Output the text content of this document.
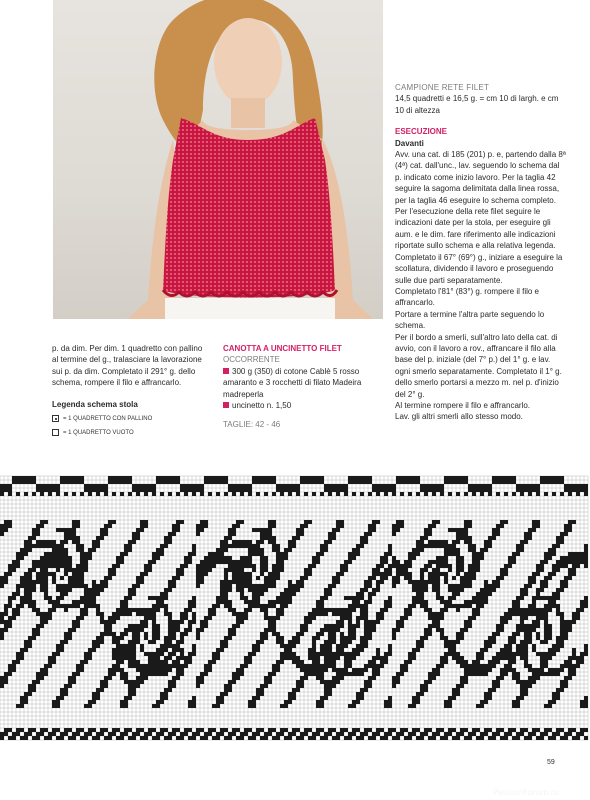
CAMPIONE RETE FILET

14,5 quadretti e 16,5 g. = cm 10 di largh. e cm 10 di altezza

ESECUZIONE
Davanti

Avv. una cat. di 185 (201) p. e, partendo dalla 8ª (4ª) cat. dall'unc., lav. seguendo lo schema dal p. indicato come inizio lavoro. Per la taglia 42 seguire la sagoma delimitata dalla linea rossa, per la taglia 46 eseguire lo schema completo.

Per l'esecuzione della rete filet seguire le indicazioni date per la stola, per eseguire gli aum. e le dim. fare riferimento alle indicazioni riportate sullo schema e alla relativa legenda.

Completato il 67° (69°) g., iniziare a eseguire la scollatura, dividendo il lavoro e proseguendo sulle due parti separatamente.

Completato l'81° (83°) g. rompere il filo e affrancarlo.

Portare a termine l'altra parte seguendo lo schema.

Per il bordo a smerli, sull'altro lato della cat. di avvio, con il lavoro a rov., affrancare il filo alla base del p. iniziale (del 7° p.) del 1° g. e lav. ogni smerlo separatamente. Completato il 1° g. dello smerlo portarsi a mezzo m. nel p. d'inizio del 2° g.

Al termine rompere il filo e affrancarlo.

Lav. gli altri smerli allo stesso modo.

CANOTTA A UNCINETTO FILET
OCCORRENTE
300 g (350) di cotone Cablè 5 rosso amaranto e 3 rocchetti di filato Madeira madreperla
uncinetto n. 1,50
TAGLIE: 42 - 46
p. da dim. Per dim. 1 quadretto con pallino al termine del g., tralasciare la lavorazione sui p. da dim. Completato il 291° g. dello schema, rompere il filo e affrancarlo.
Legenda schema stola
= 1 QUADRETTO CON PALLINO
= 1 QUADRETTO VUOTO
59
PassionForum.ru
